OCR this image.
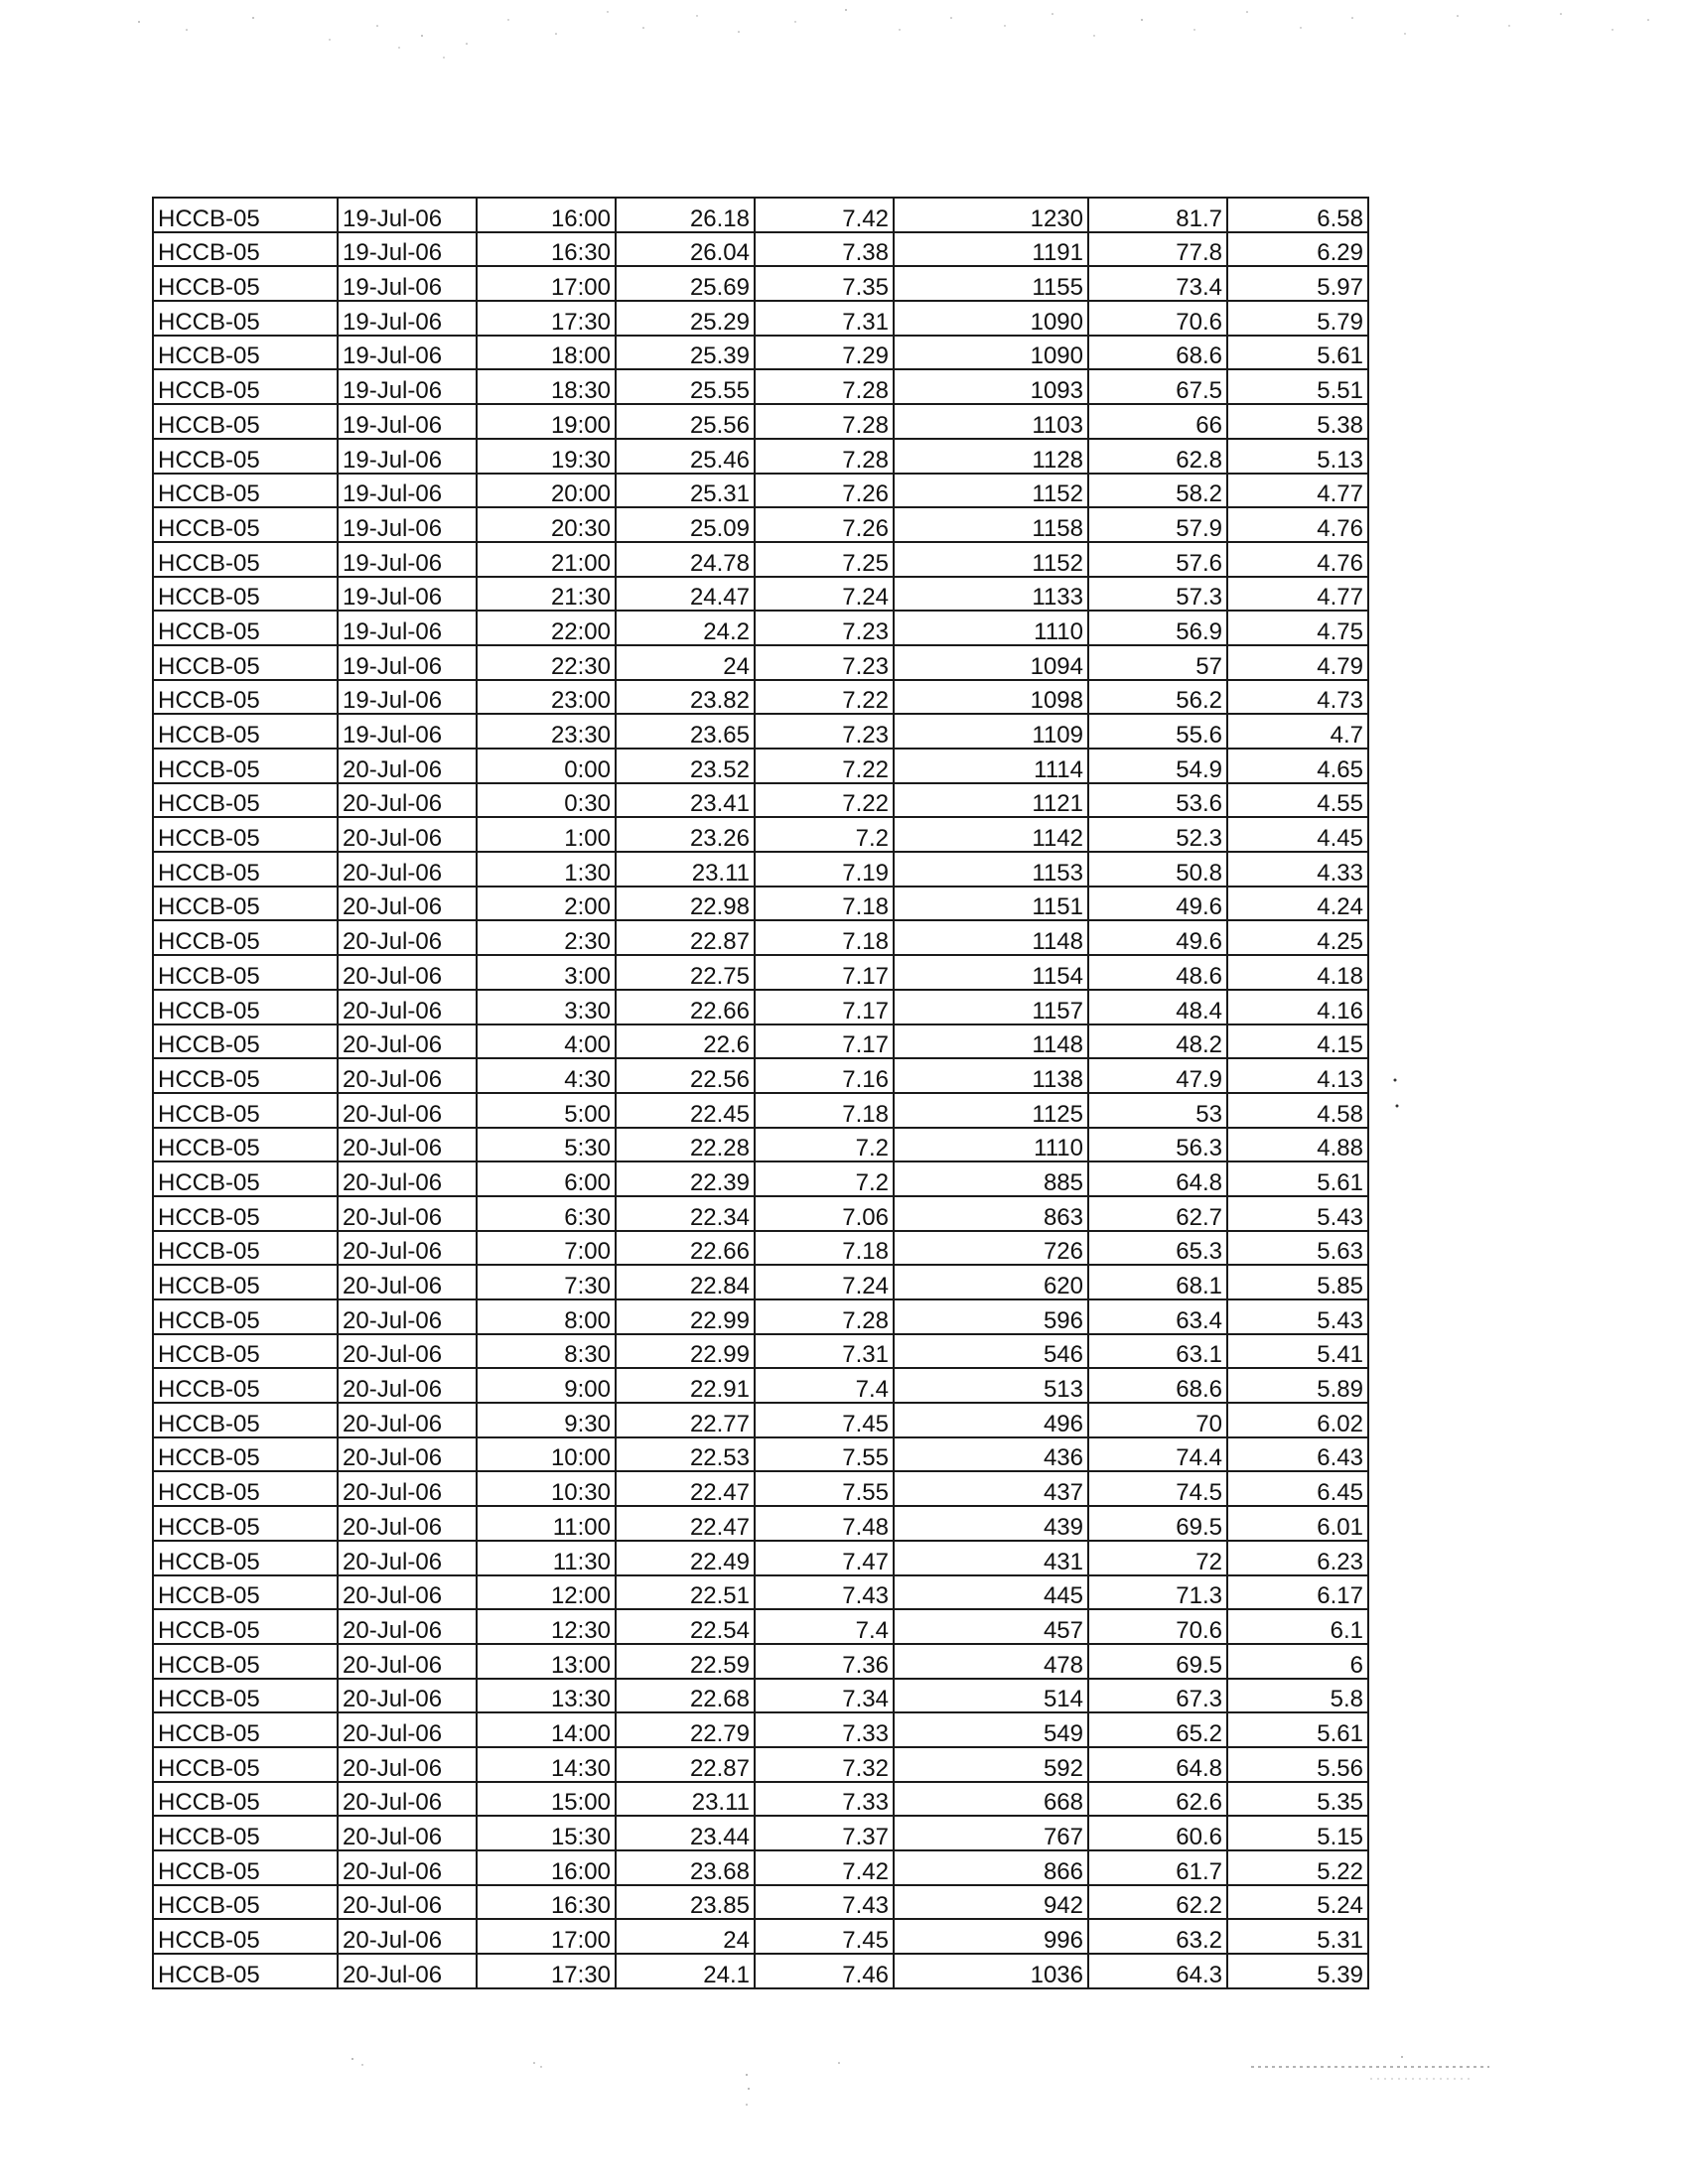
HCCB-05	19-Jul-06	16:00	26.18	7.42	1230	81.7	6.58
HCCB-05	19-Jul-06	16:30	26.04	7.38	1191	77.8	6.29
HCCB-05	19-Jul-06	17:00	25.69	7.35	1155	73.4	5.97
HCCB-05	19-Jul-06	17:30	25.29	7.31	1090	70.6	5.79
HCCB-05	19-Jul-06	18:00	25.39	7.29	1090	68.6	5.61
HCCB-05	19-Jul-06	18:30	25.55	7.28	1093	67.5	5.51
HCCB-05	19-Jul-06	19:00	25.56	7.28	1103	66	5.38
HCCB-05	19-Jul-06	19:30	25.46	7.28	1128	62.8	5.13
HCCB-05	19-Jul-06	20:00	25.31	7.26	1152	58.2	4.77
HCCB-05	19-Jul-06	20:30	25.09	7.26	1158	57.9	4.76
HCCB-05	19-Jul-06	21:00	24.78	7.25	1152	57.6	4.76
HCCB-05	19-Jul-06	21:30	24.47	7.24	1133	57.3	4.77
HCCB-05	19-Jul-06	22:00	24.2	7.23	1110	56.9	4.75
HCCB-05	19-Jul-06	22:30	24	7.23	1094	57	4.79
HCCB-05	19-Jul-06	23:00	23.82	7.22	1098	56.2	4.73
HCCB-05	19-Jul-06	23:30	23.65	7.23	1109	55.6	4.7
HCCB-05	20-Jul-06	0:00	23.52	7.22	1114	54.9	4.65
HCCB-05	20-Jul-06	0:30	23.41	7.22	1121	53.6	4.55
HCCB-05	20-Jul-06	1:00	23.26	7.2	1142	52.3	4.45
HCCB-05	20-Jul-06	1:30	23.11	7.19	1153	50.8	4.33
HCCB-05	20-Jul-06	2:00	22.98	7.18	1151	49.6	4.24
HCCB-05	20-Jul-06	2:30	22.87	7.18	1148	49.6	4.25
HCCB-05	20-Jul-06	3:00	22.75	7.17	1154	48.6	4.18
HCCB-05	20-Jul-06	3:30	22.66	7.17	1157	48.4	4.16
HCCB-05	20-Jul-06	4:00	22.6	7.17	1148	48.2	4.15
HCCB-05	20-Jul-06	4:30	22.56	7.16	1138	47.9	4.13
HCCB-05	20-Jul-06	5:00	22.45	7.18	1125	53	4.58
HCCB-05	20-Jul-06	5:30	22.28	7.2	1110	56.3	4.88
HCCB-05	20-Jul-06	6:00	22.39	7.2	885	64.8	5.61
HCCB-05	20-Jul-06	6:30	22.34	7.06	863	62.7	5.43
HCCB-05	20-Jul-06	7:00	22.66	7.18	726	65.3	5.63
HCCB-05	20-Jul-06	7:30	22.84	7.24	620	68.1	5.85
HCCB-05	20-Jul-06	8:00	22.99	7.28	596	63.4	5.43
HCCB-05	20-Jul-06	8:30	22.99	7.31	546	63.1	5.41
HCCB-05	20-Jul-06	9:00	22.91	7.4	513	68.6	5.89
HCCB-05	20-Jul-06	9:30	22.77	7.45	496	70	6.02
HCCB-05	20-Jul-06	10:00	22.53	7.55	436	74.4	6.43
HCCB-05	20-Jul-06	10:30	22.47	7.55	437	74.5	6.45
HCCB-05	20-Jul-06	11:00	22.47	7.48	439	69.5	6.01
HCCB-05	20-Jul-06	11:30	22.49	7.47	431	72	6.23
HCCB-05	20-Jul-06	12:00	22.51	7.43	445	71.3	6.17
HCCB-05	20-Jul-06	12:30	22.54	7.4	457	70.6	6.1
HCCB-05	20-Jul-06	13:00	22.59	7.36	478	69.5	6
HCCB-05	20-Jul-06	13:30	22.68	7.34	514	67.3	5.8
HCCB-05	20-Jul-06	14:00	22.79	7.33	549	65.2	5.61
HCCB-05	20-Jul-06	14:30	22.87	7.32	592	64.8	5.56
HCCB-05	20-Jul-06	15:00	23.11	7.33	668	62.6	5.35
HCCB-05	20-Jul-06	15:30	23.44	7.37	767	60.6	5.15
HCCB-05	20-Jul-06	16:00	23.68	7.42	866	61.7	5.22
HCCB-05	20-Jul-06	16:30	23.85	7.43	942	62.2	5.24
HCCB-05	20-Jul-06	17:00	24	7.45	996	63.2	5.31
HCCB-05	20-Jul-06	17:30	24.1	7.46	1036	64.3	5.39
